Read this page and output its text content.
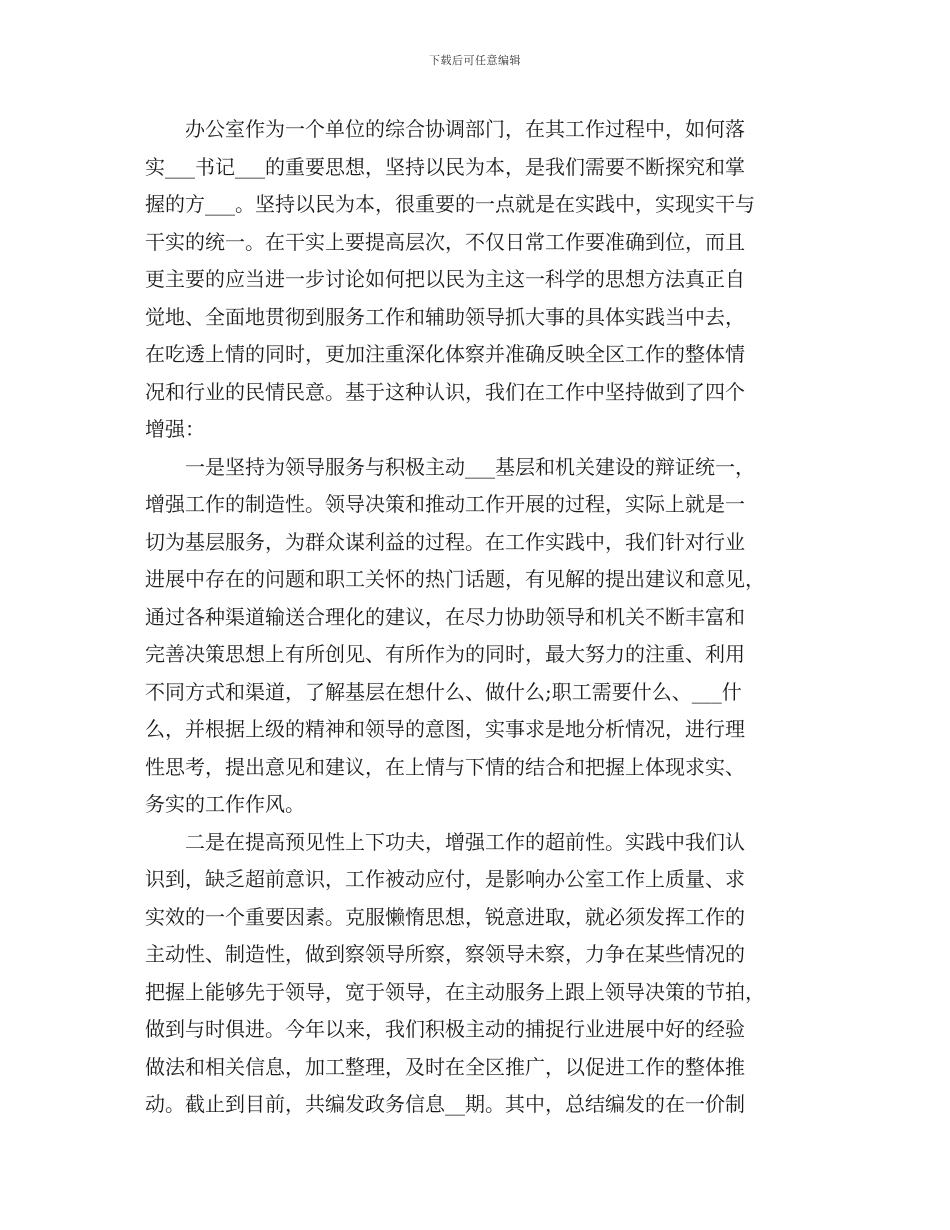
下载后可任意编辑
　　办公室作为一个单位的综合协调部门，在其工作过程中，如何落
实___书记___的重要思想，坚持以民为本，是我们需要不断探究和掌
握的方___。坚持以民为本，很重要的一点就是在实践中，实现实干与
干实的统一。在干实上要提高层次，不仅日常工作要准确到位，而且
更主要的应当进一步讨论如何把以民为主这一科学的思想方法真正自
觉地、全面地贯彻到服务工作和辅助领导抓大事的具体实践当中去，
在吃透上情的同时，更加注重深化体察并准确反映全区工作的整体情
况和行业的民情民意。基于这种认识，我们在工作中坚持做到了四个
增强：
　　一是坚持为领导服务与积极主动___基层和机关建设的辩证统一，
增强工作的制造性。领导决策和推动工作开展的过程，实际上就是一
切为基层服务，为群众谋利益的过程。在工作实践中，我们针对行业
进展中存在的问题和职工关怀的热门话题，有见解的提出建议和意见，
通过各种渠道输送合理化的建议，在尽力协助领导和机关不断丰富和
完善决策思想上有所创见、有所作为的同时，最大努力的注重、利用
不同方式和渠道，了解基层在想什么、做什么;职工需要什么、___什
么，并根据上级的精神和领导的意图，实事求是地分析情况，进行理
性思考，提出意见和建议，在上情与下情的结合和把握上体现求实、
务实的工作作风。
　　二是在提高预见性上下功夫，增强工作的超前性。实践中我们认
识到，缺乏超前意识，工作被动应付，是影响办公室工作上质量、求
实效的一个重要因素。克服懒惰思想，锐意进取，就必须发挥工作的
主动性、制造性，做到察领导所察，察领导未察，力争在某些情况的
把握上能够先于领导，宽于领导，在主动服务上跟上领导决策的节拍，
做到与时俱进。今年以来，我们积极主动的捕捉行业进展中好的经验
做法和相关信息，加工整理，及时在全区推广，以促进工作的整体推
动。截止到目前，共编发政务信息__期。其中，总结编发的在一价制
